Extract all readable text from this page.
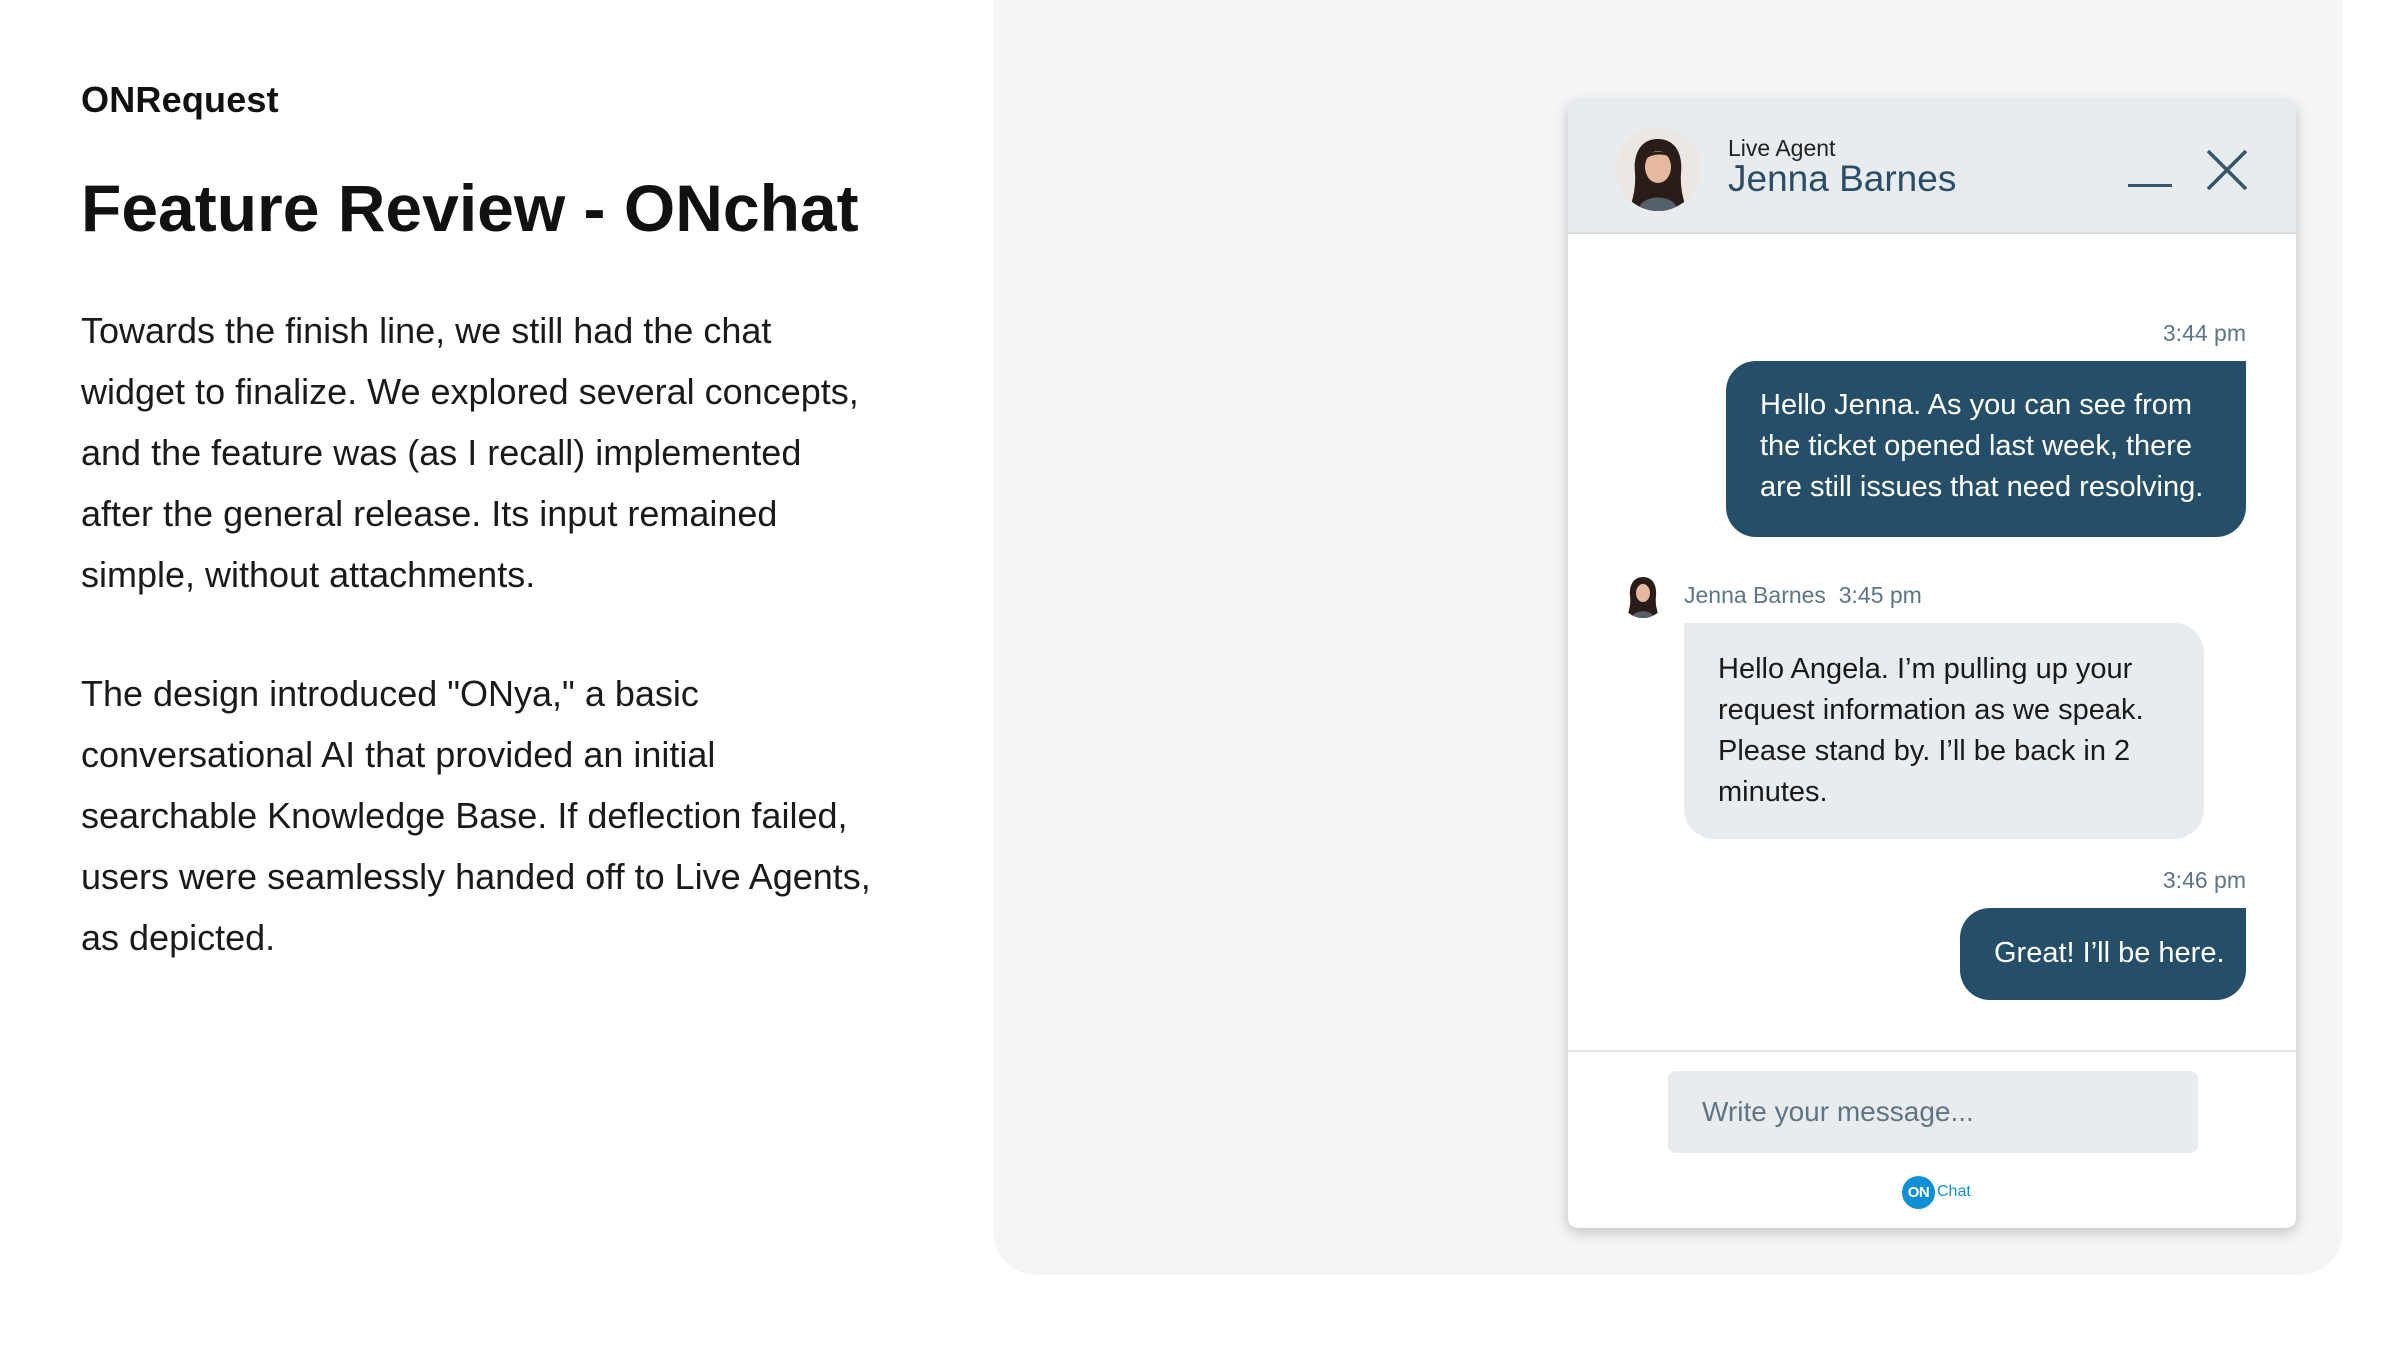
ONRequest
Feature Review - ONchat

Towards the finish line, we still had the chat widget to finalize. We explored several concepts, and the feature was (as I recall) implemented after the general release. Its input remained simple, without attachments.

The design introduced "ONya," a basic conversational AI that provided an initial searchable Knowledge Base. If deflection failed, users were seamlessly handed off to Live Agents, as depicted.

Live Agent
Jenna Barnes
3:44 pm
Hello Jenna. As you can see from
the ticket opened last week, there
are still issues that need resolving.
Jenna Barnes 3:45 pm
Hello Angela. I’m pulling up your
request information as we speak.
Please stand by. I’ll be back in 2
minutes.
3:46 pm
Great! I’ll be here.
Write your message...
ON Chat
